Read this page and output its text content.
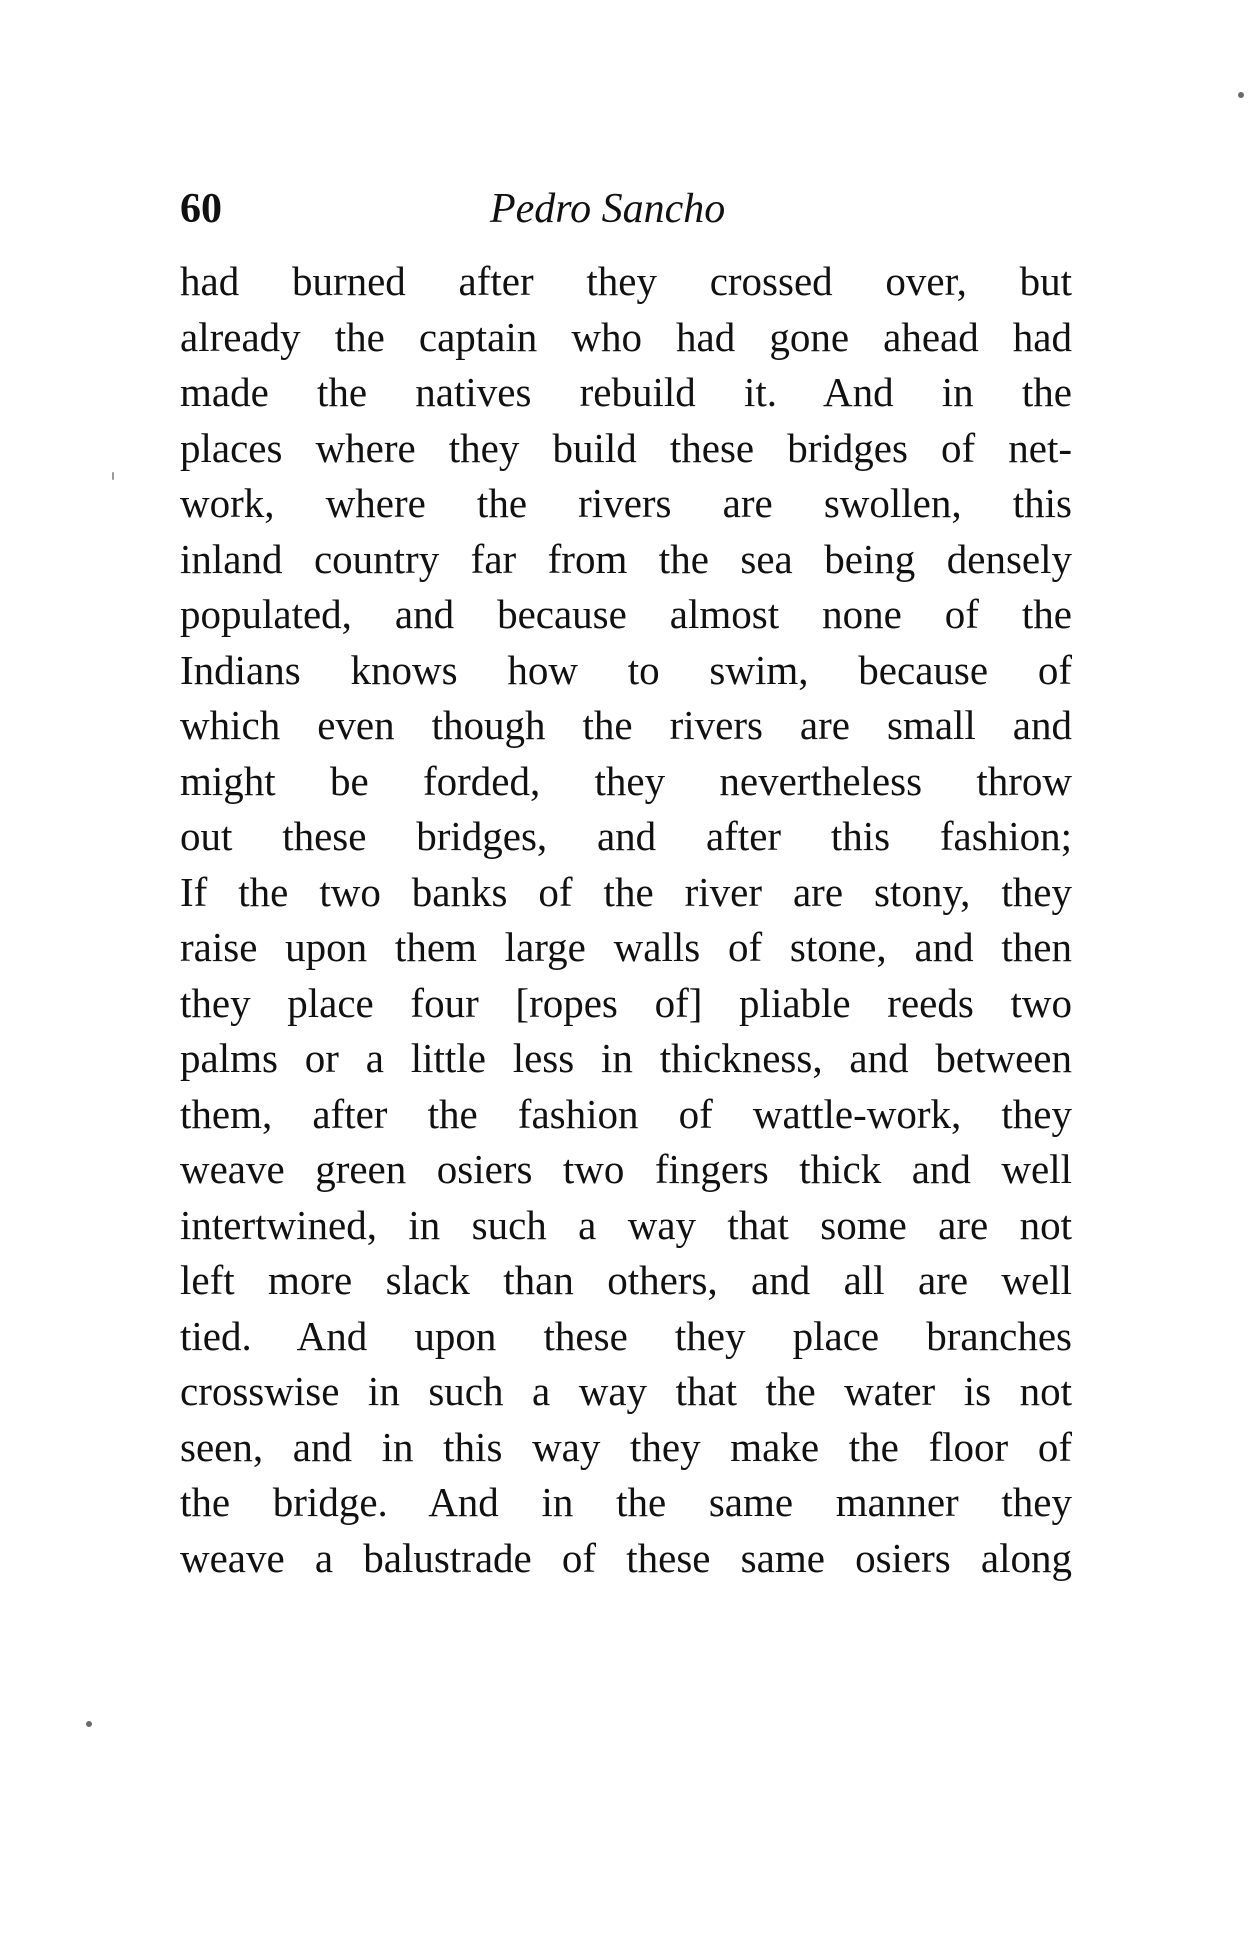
60	Pedro Sancho
had burned after they crossed over, but
already the captain who had gone ahead had
made the natives rebuild it. And in the
places where they build these bridges of net-
work, where the rivers are swollen, this
inland country far from the sea being densely
populated, and because almost none of the
Indians knows how to swim, because of
which even though the rivers are small and
might be forded, they nevertheless throw
out these bridges, and after this fashion;
If the two banks of the river are stony, they
raise upon them large walls of stone, and then
they place four [ropes of] pliable reeds two
palms or a little less in thickness, and between
them, after the fashion of wattle-work, they
weave green osiers two fingers thick and well
intertwined, in such a way that some are not
left more slack than others, and all are well
tied. And upon these they place branches
crosswise in such a way that the water is not
seen, and in this way they make the floor of
the bridge. And in the same manner they
weave a balustrade of these same osiers along
